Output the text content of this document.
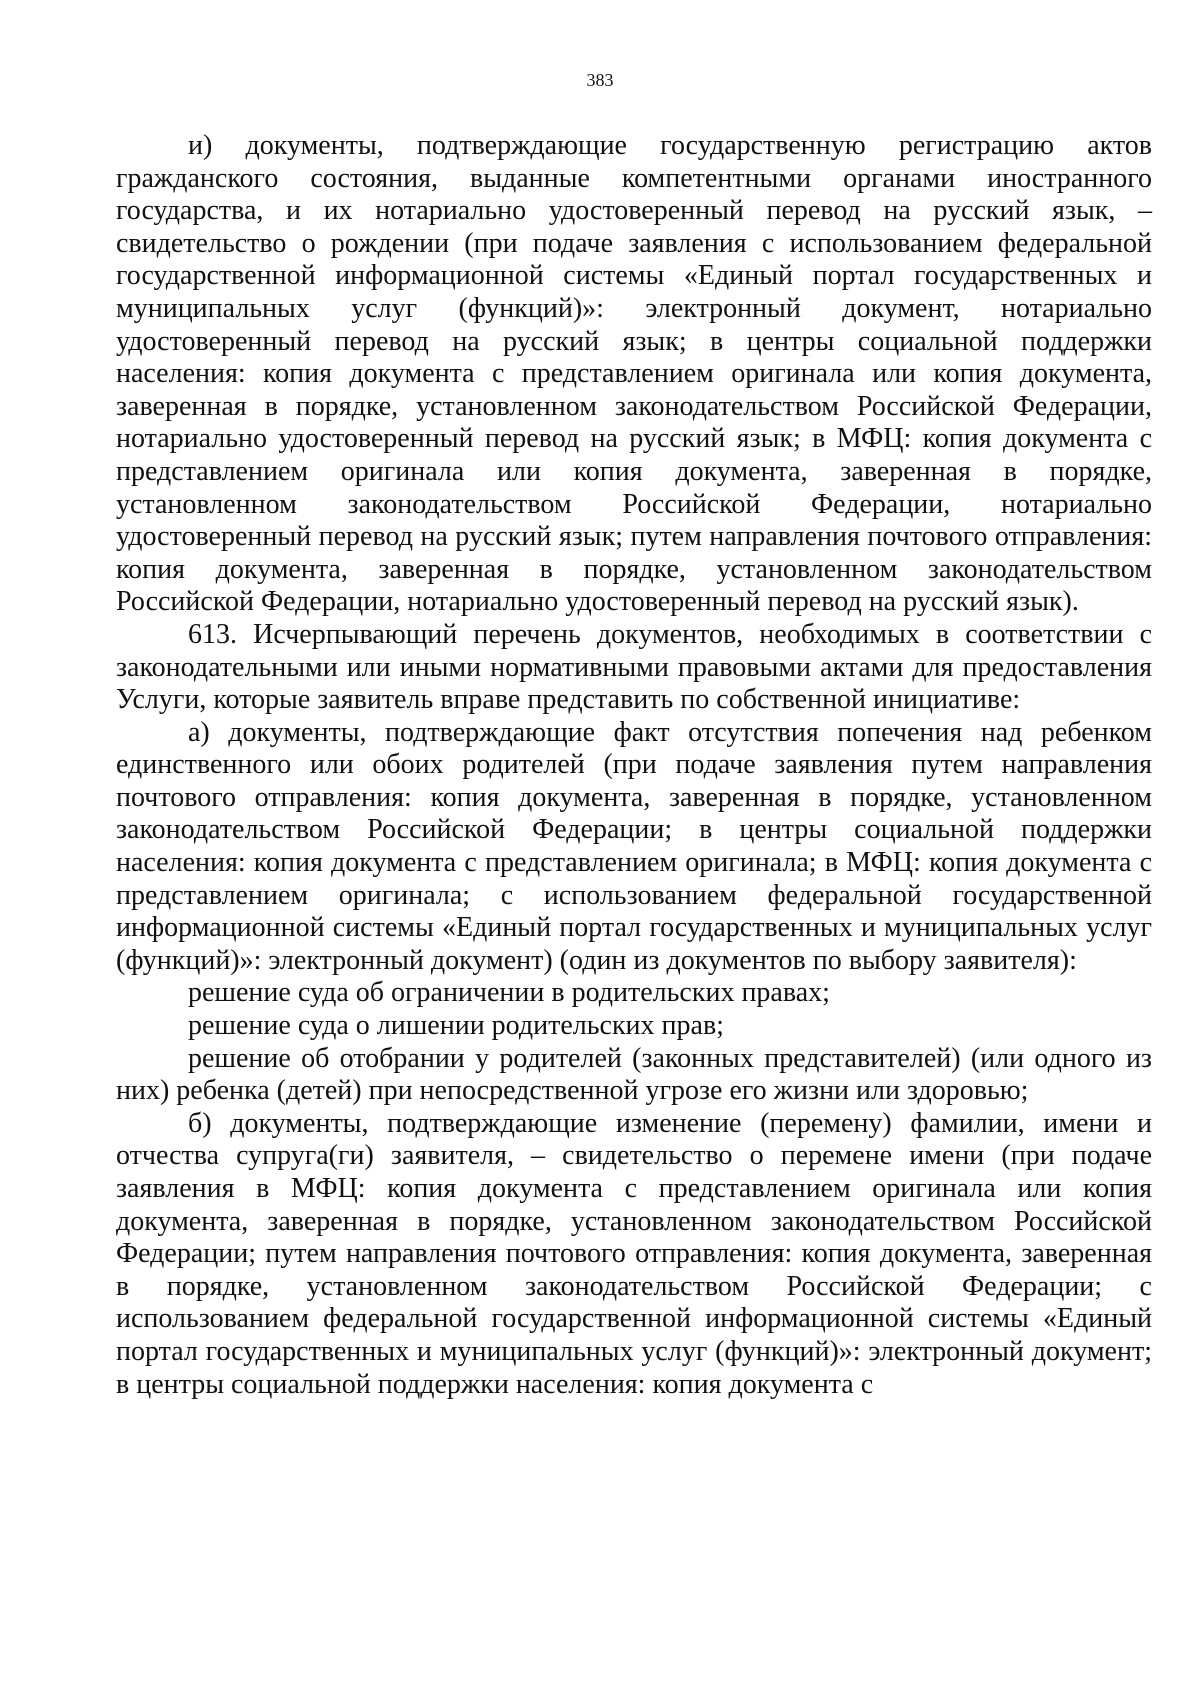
383

и) документы, подтверждающие государственную регистрацию актов гражданского состояния, выданные компетентными органами иностранного государства, и их нотариально удостоверенный перевод на русский язык, – свидетельство о рождении (при подаче заявления с использованием федеральной государственной информационной системы «Единый портал государственных и муниципальных услуг (функций)»: электронный документ, нотариально удостоверенный перевод на русский язык; в центры социальной поддержки населения: копия документа с представлением оригинала или копия документа, заверенная в порядке, установленном законодательством Российской Федерации, нотариально удостоверенный перевод на русский язык; в МФЦ: копия документа с представлением оригинала или копия документа, заверенная в порядке, установленном законодательством Российской Федерации, нотариально удостоверенный перевод на русский язык; путем направления почтового отправления: копия документа, заверенная в порядке, установленном законодательством Российской Федерации, нотариально удостоверенный перевод на русский язык).

613. Исчерпывающий перечень документов, необходимых в соответствии с законодательными или иными нормативными правовыми актами для предоставления Услуги, которые заявитель вправе представить по собственной инициативе:

а) документы, подтверждающие факт отсутствия попечения над ребенком единственного или обоих родителей (при подаче заявления путем направления почтового отправления: копия документа, заверенная в порядке, установленном законодательством Российской Федерации; в центры социальной поддержки населения: копия документа с представлением оригинала; в МФЦ: копия документа с представлением оригинала; с использованием федеральной государственной информационной системы «Единый портал государственных и муниципальных услуг (функций)»: электронный документ) (один из документов по выбору заявителя):

решение суда об ограничении в родительских правах;

решение суда о лишении родительских прав;

решение об отобрании у родителей (законных представителей) (или одного из них) ребенка (детей) при непосредственной угрозе его жизни или здоровью;

б) документы, подтверждающие изменение (перемену) фамилии, имени и отчества супруга(ги) заявителя, – свидетельство о перемене имени (при подаче заявления в МФЦ: копия документа с представлением оригинала или копия документа, заверенная в порядке, установленном законодательством Российской Федерации; путем направления почтового отправления: копия документа, заверенная в порядке, установленном законодательством Российской Федерации; с использованием федеральной государственной информационной системы «Единый портал государственных и муниципальных услуг (функций)»: электронный документ; в центры социальной поддержки населения: копия документа с
